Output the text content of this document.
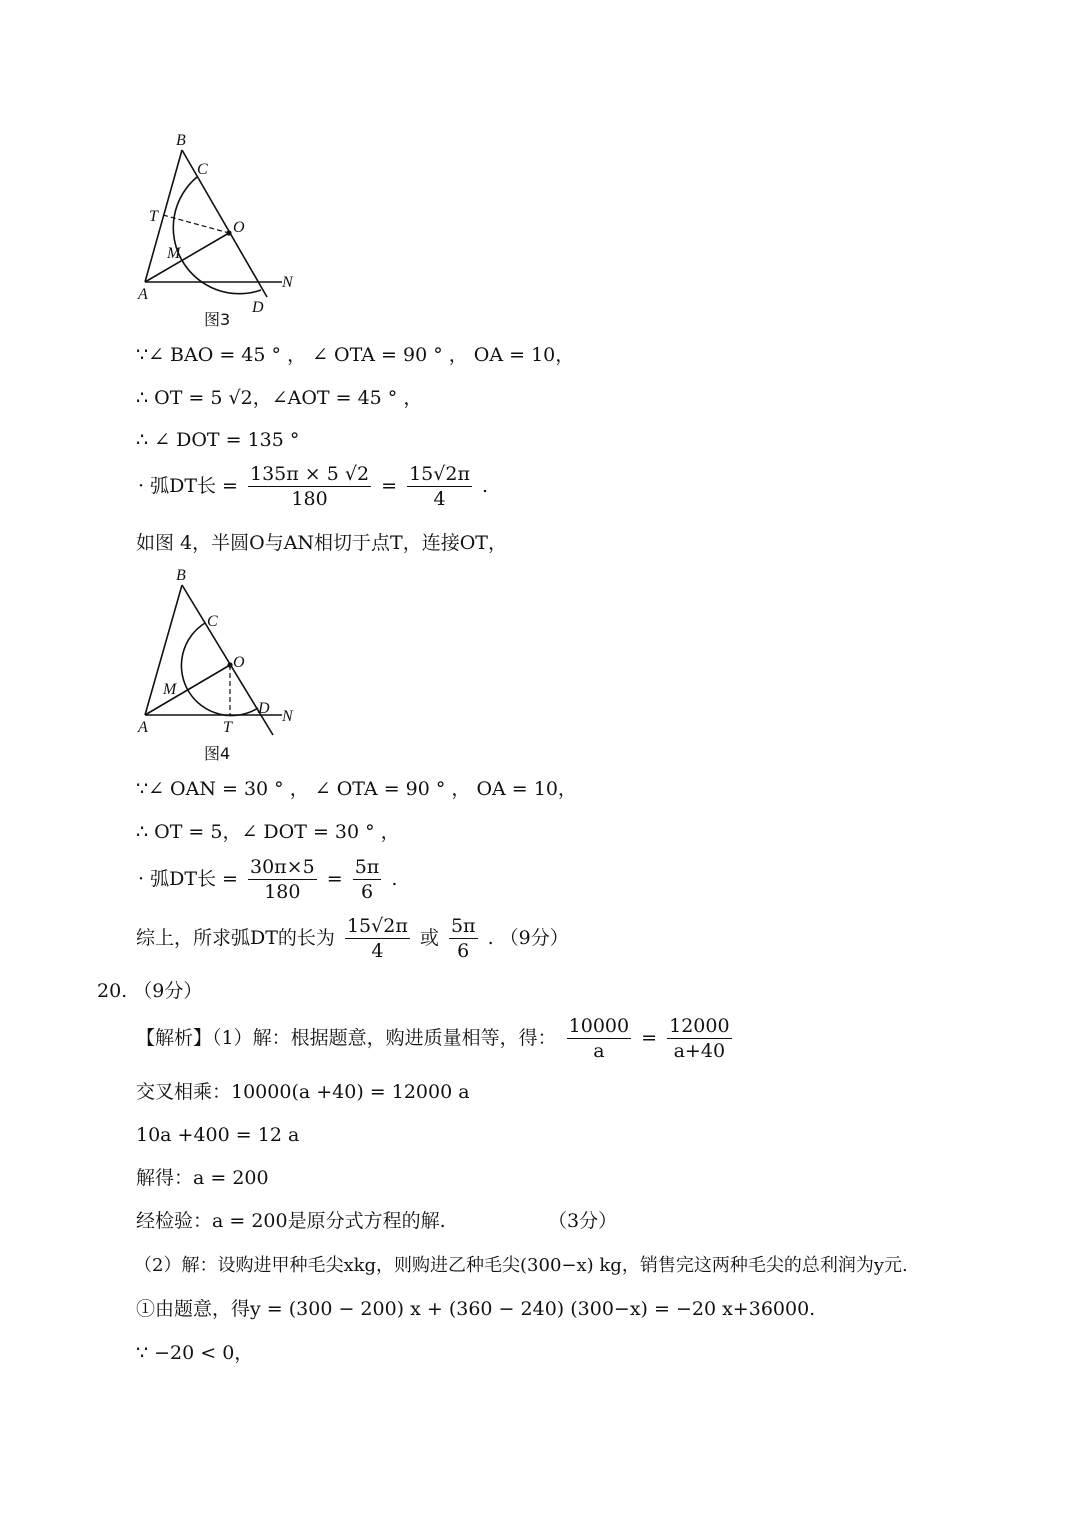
B
C
T
O
M
A
N
D
图3
∵∠ BAO = 45 ° ， ∠ OTA = 90 ° ， OA = 10，
∴ OT = 5 √2，∠AOT = 45 ° ，
∴ ∠ DOT = 135 °
· 弧DT长 = $\frac{135\pi \times 5 √2}{180} = \frac{15√2\pi}{4}$ .
如图 4，半圆O与AN相切于点T，连接OT，
B
C
O
M
A	T
D N
图4
∵∠ OAN = 30 ° ， ∠ OTA = 90 ° ， OA = 10，
∴ OT = 5，∠ DOT = 30 ° ，
· 弧DT长 = $\frac{30\pi\times 5}{180} = \frac{5\pi}{6}$ .
综上，所求弧DT的长为 $\frac{15√2\pi}{4}$ 或 $\frac{5\pi}{6}$ . （9分）
20. （9分）
【解析】（1）解：根据题意，购进质量相等，得： $\frac{10000}{a} = \frac{12000}{a+40}$
交叉相乘：10000(a +40) = 12000 a
10a +400 = 12 a
解得：a = 200
经检验：a = 200是原分式方程的解.	（3分）
（2）解：设购进甲种毛尖xkg，则购进乙种毛尖(300−x) kg，销售完这两种毛尖的总利润为y元.
①由题意，得y = (300 − 200) x + (360 − 240) (300−x) = −20 x+36000.
∵ −20 < 0，
